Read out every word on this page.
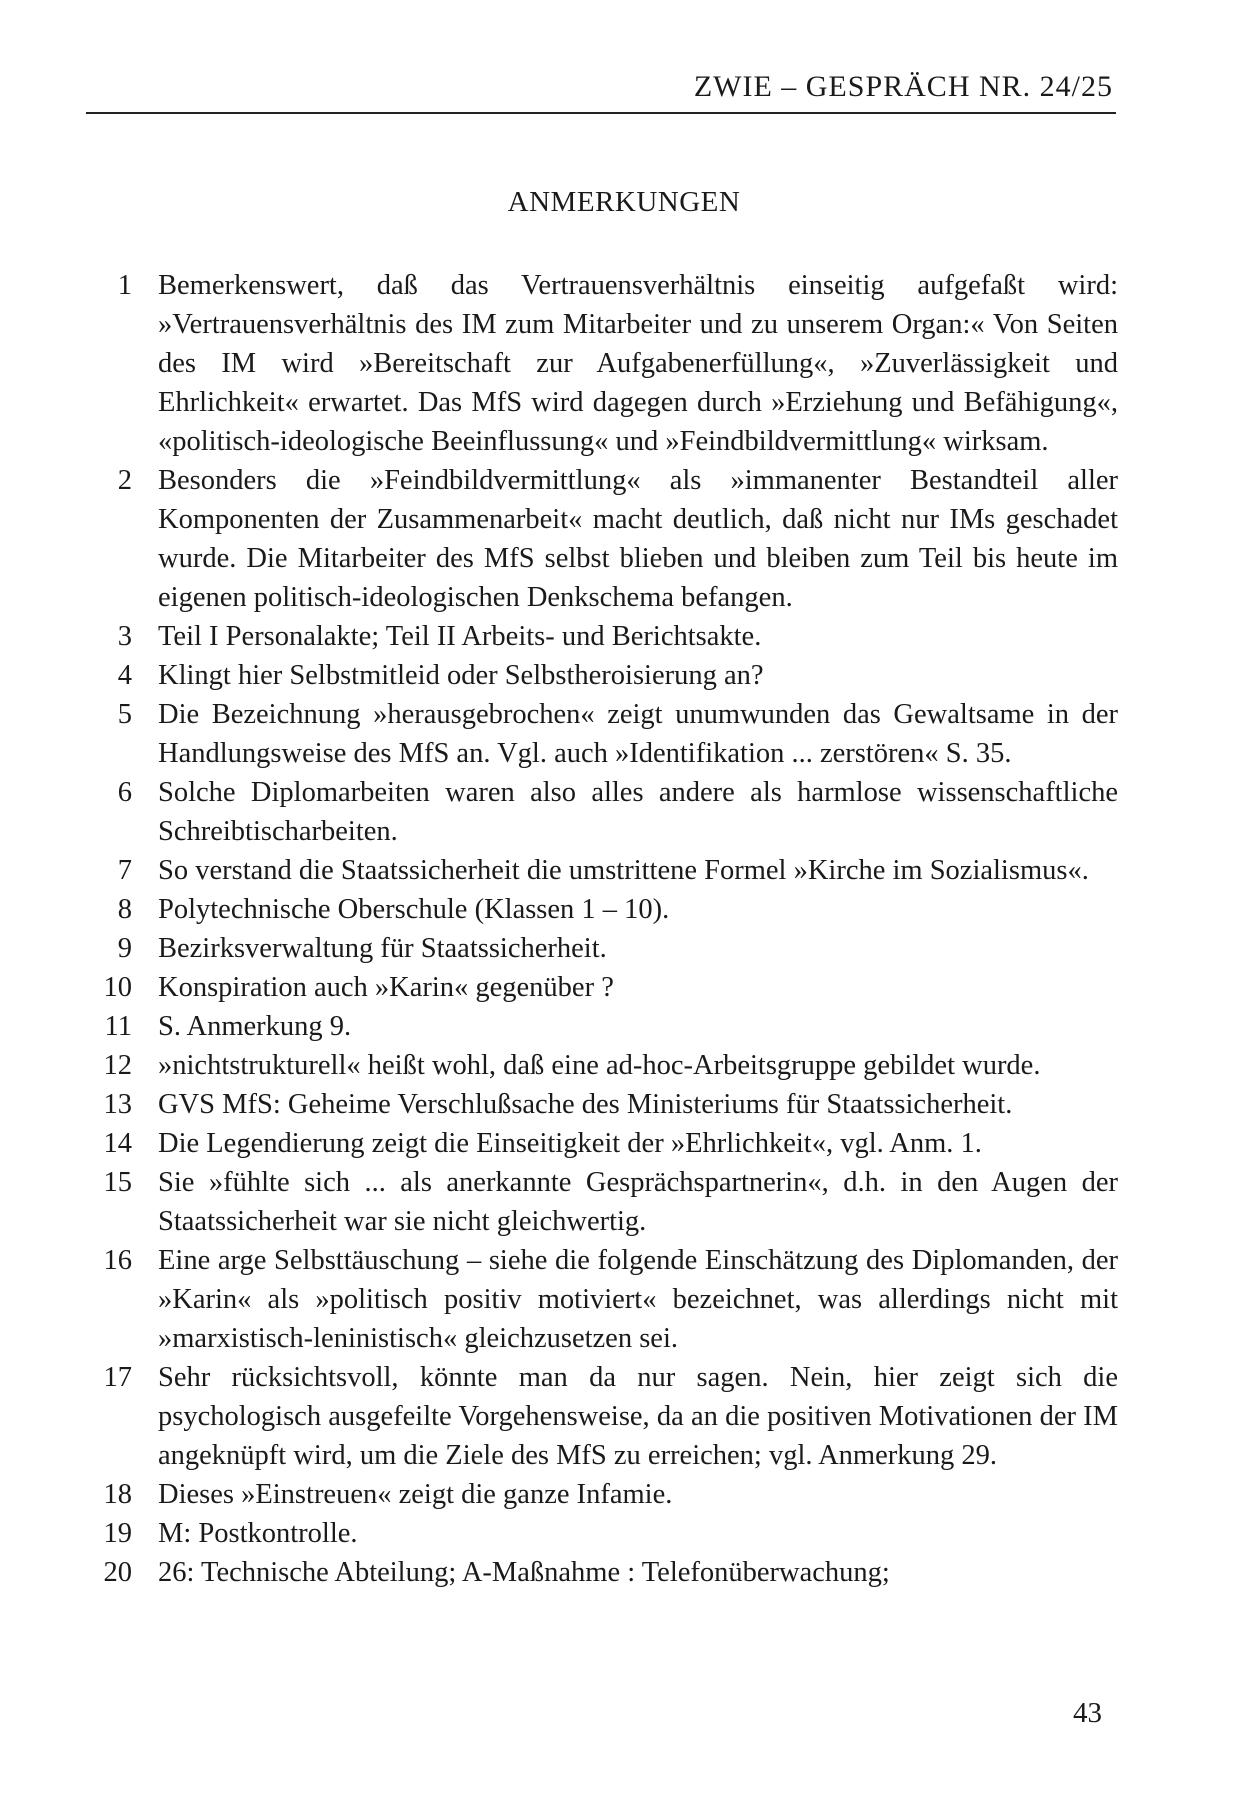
ZWIE – GESPRÄCH NR. 24/25
ANMERKUNGEN
1 Bemerkenswert, daß das Vertrauensverhältnis einseitig aufgefaßt wird: »Vertrauensverhältnis des IM zum Mitarbeiter und zu unserem Organ:« Von Seiten des IM wird »Bereitschaft zur Aufgabenerfüllung«, »Zuverlässigkeit und Ehrlichkeit« erwartet. Das MfS wird dagegen durch »Erziehung und Befähigung«, «politisch-ideologische Beeinflussung« und »Feindbildvermittlung« wirksam.
2 Besonders die »Feindbildvermittlung« als »immanenter Bestandteil aller Komponenten der Zusammenarbeit« macht deutlich, daß nicht nur IMs geschadet wurde. Die Mitarbeiter des MfS selbst blieben und bleiben zum Teil bis heute im eigenen politisch-ideologischen Denkschema befangen.
3 Teil I Personalakte; Teil II Arbeits- und Berichtsakte.
4 Klingt hier Selbstmitleid oder Selbstheroisierung an?
5 Die Bezeichnung »herausgebrochen« zeigt unumwunden das Gewaltsame in der Handlungsweise des MfS an. Vgl. auch »Identifikation ... zerstören« S. 35.
6 Solche Diplomarbeiten waren also alles andere als harmlose wissenschaftliche Schreibtischarbeiten.
7 So verstand die Staatssicherheit die umstrittene Formel »Kirche im Sozialismus«.
8 Polytechnische Oberschule (Klassen 1 – 10).
9 Bezirksverwaltung für Staatssicherheit.
10 Konspiration auch »Karin« gegenüber ?
11 S. Anmerkung 9.
12 »nichtstrukturell« heißt wohl, daß eine ad-hoc-Arbeitsgruppe gebildet wurde.
13 GVS MfS: Geheime Verschlußsache des Ministeriums für Staatssicherheit.
14 Die Legendierung zeigt die Einseitigkeit der »Ehrlichkeit«, vgl. Anm. 1.
15 Sie »fühlte sich ... als anerkannte Gesprächspartnerin«, d.h. in den Augen der Staatssicherheit war sie nicht gleichwertig.
16 Eine arge Selbsttäuschung – siehe die folgende Einschätzung des Diplomanden, der »Karin« als »politisch positiv motiviert« bezeichnet, was allerdings nicht mit »marxistisch-leninistisch« gleichzusetzen sei.
17 Sehr rücksichtsvoll, könnte man da nur sagen. Nein, hier zeigt sich die psychologisch ausgefeilte Vorgehensweise, da an die positiven Motivationen der IM angeknüpft wird, um die Ziele des MfS zu erreichen; vgl. Anmerkung 29.
18 Dieses »Einstreuen« zeigt die ganze Infamie.
19 M: Postkontrolle.
20 26: Technische Abteilung; A-Maßnahme : Telefonüberwachung;
43
